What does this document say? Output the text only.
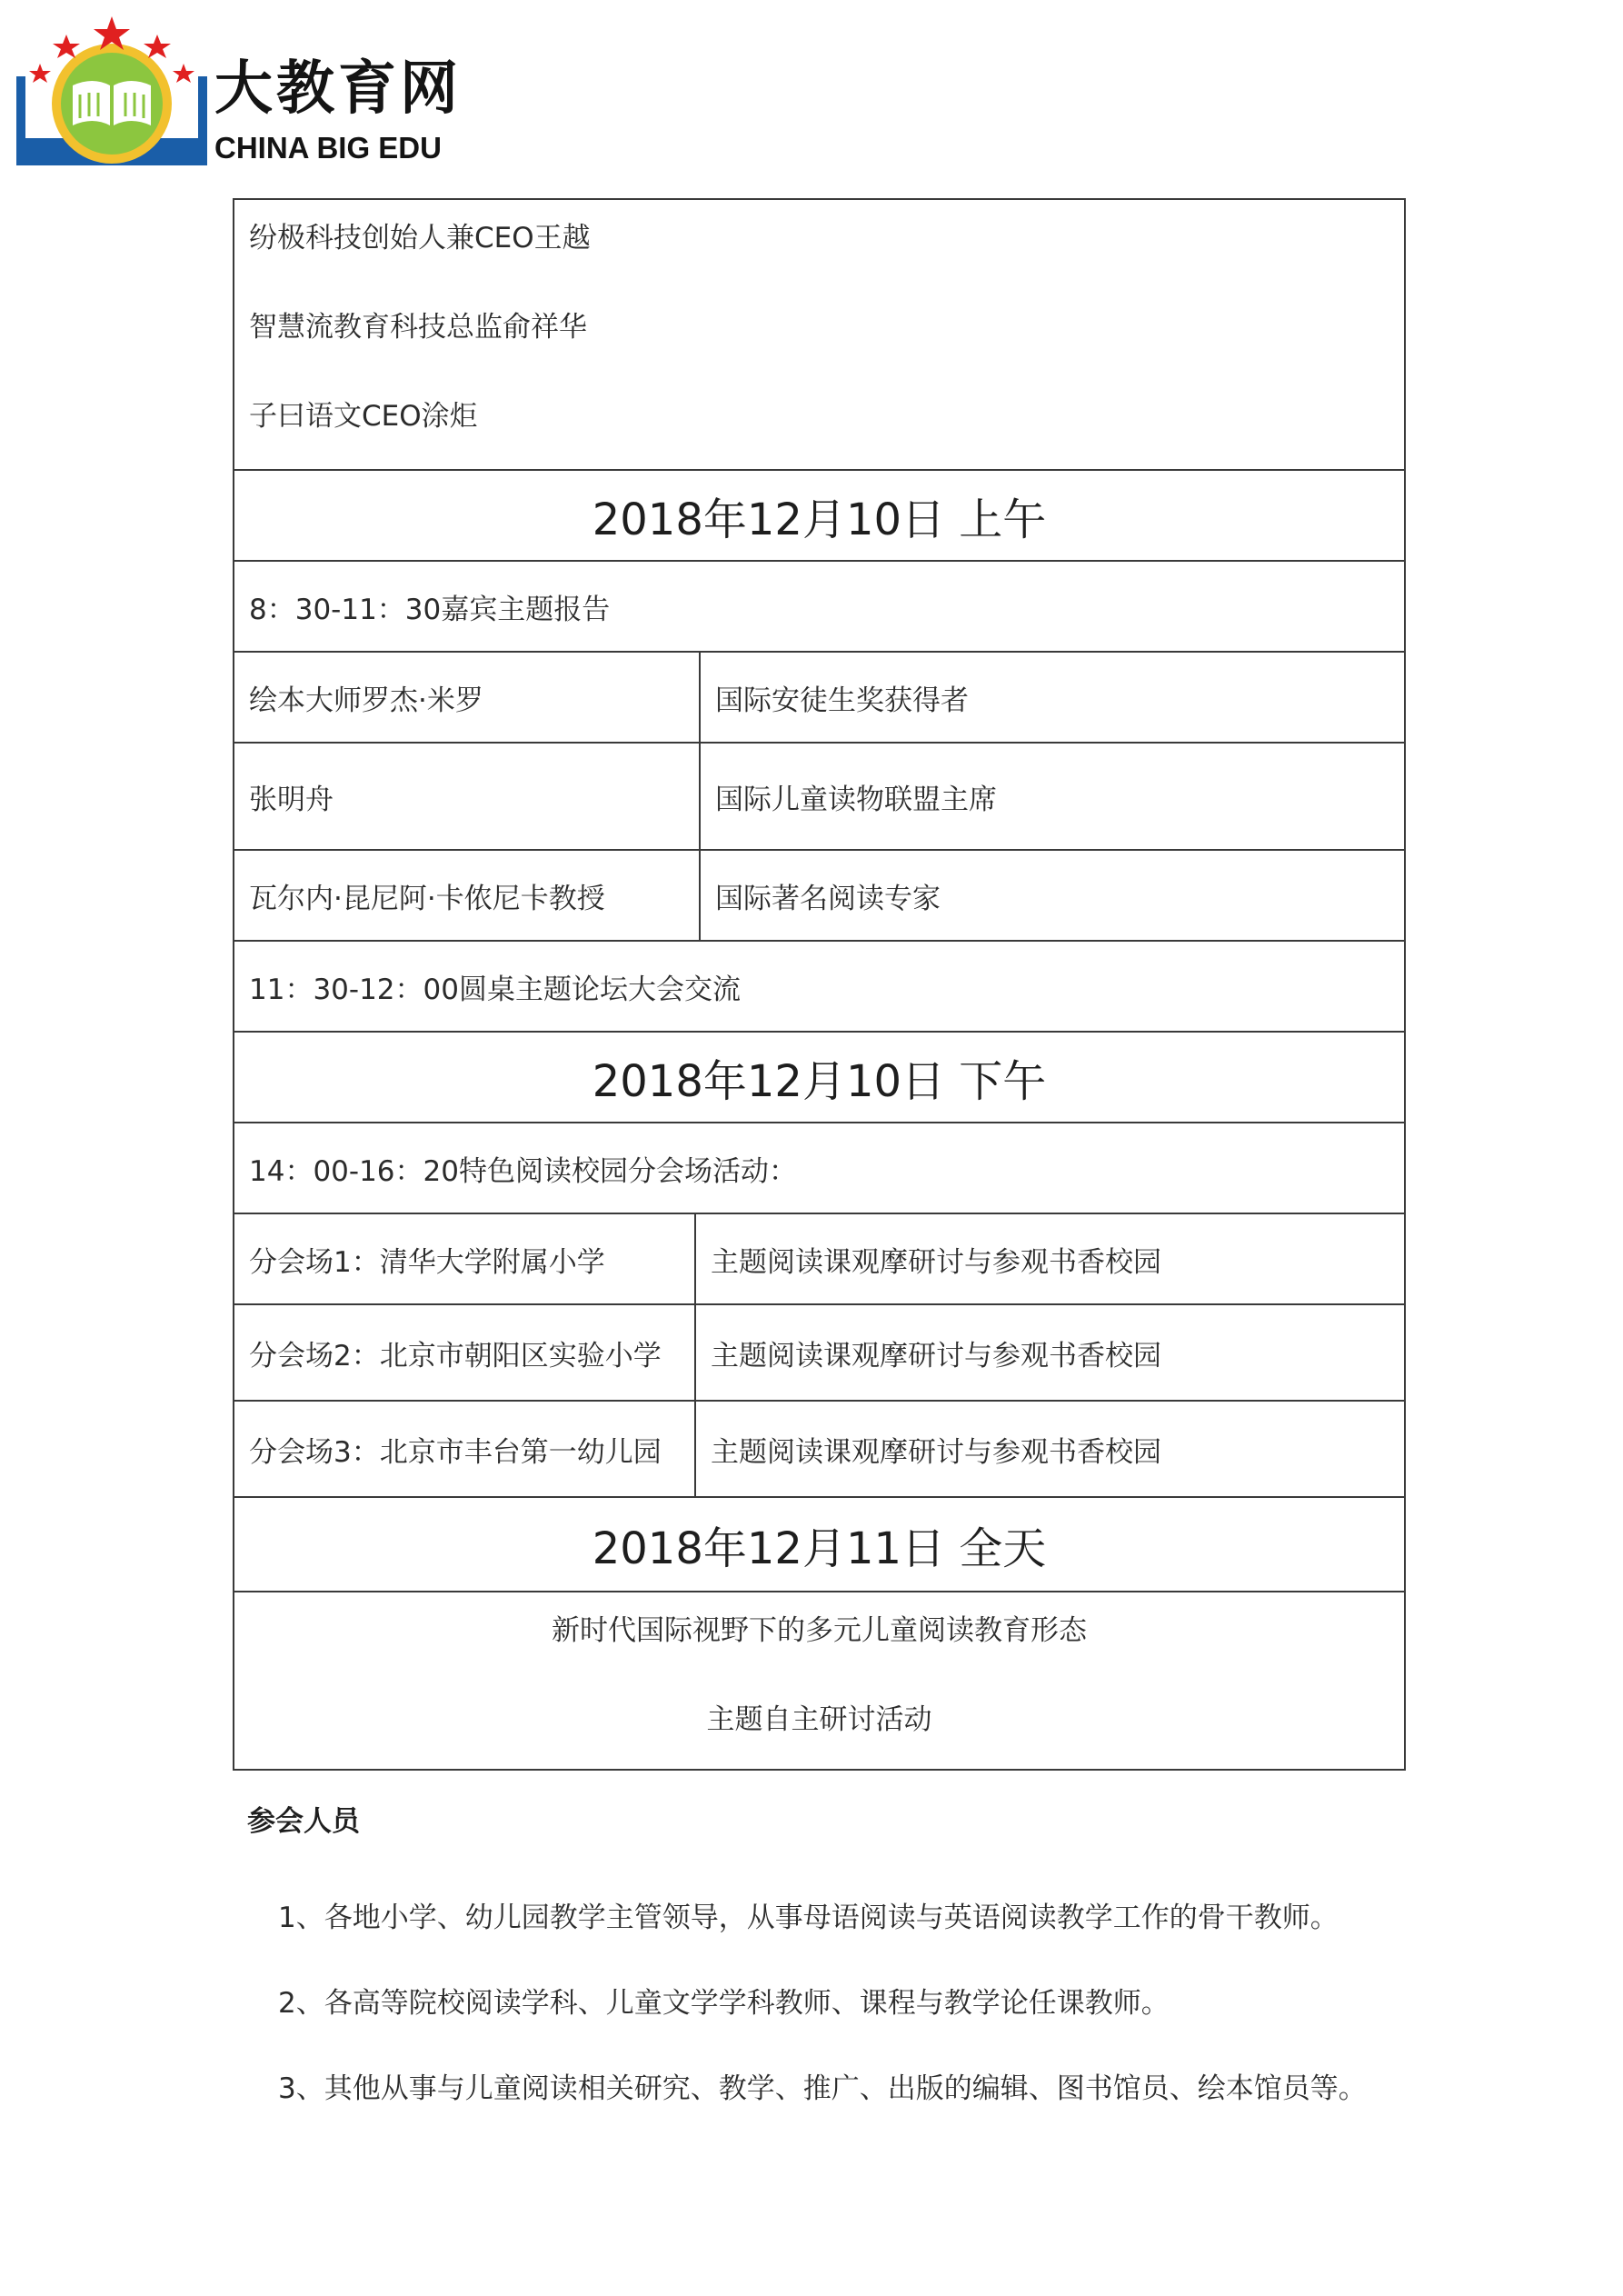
大教育网
CHINA BIG EDU
纷极科技创始人兼CEO王越
智慧流教育科技总监俞祥华
子曰语文CEO涂炬
2018年12月10日 上午
8：30-11：30嘉宾主题报告
绘本大师罗杰·米罗	国际安徒生奖获得者
张明舟	国际儿童读物联盟主席
瓦尔内·昆尼阿·卡侬尼卡教授	国际著名阅读专家
11：30-12：00圆桌主题论坛大会交流
2018年12月10日 下午
14：00-16：20特色阅读校园分会场活动：
分会场1：清华大学附属小学	主题阅读课观摩研讨与参观书香校园
分会场2：北京市朝阳区实验小学	主题阅读课观摩研讨与参观书香校园
分会场3：北京市丰台第一幼儿园	主题阅读课观摩研讨与参观书香校园
2018年12月11日 全天
新时代国际视野下的多元儿童阅读教育形态
主题自主研讨活动
参会人员
1、各地小学、幼儿园教学主管领导，从事母语阅读与英语阅读教学工作的骨干教师。
2、各高等院校阅读学科、儿童文学学科教师、课程与教学论任课教师。
3、其他从事与儿童阅读相关研究、教学、推广、出版的编辑、图书馆员、绘本馆员等。
